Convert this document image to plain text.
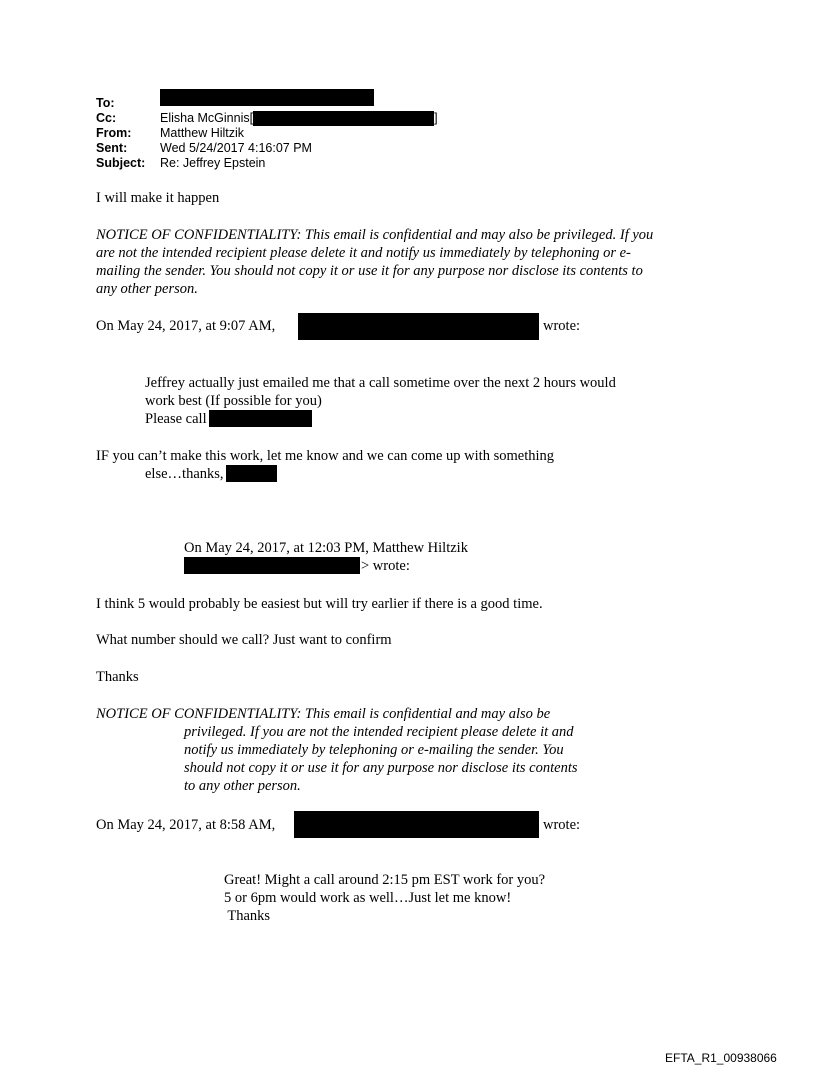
To:
Cc:	Elisha McGinnis[	]
From: Matthew Hiltzik
Sent:	Wed 5/24/2017 4:16:07 PM
Subject: Re: Jeffrey Epstein
I will make it happen
NOTICE OF CONFIDENTIALITY: This email is confidential and may also be privileged. If you
are not the intended recipient please delete it and notify us immediately by telephoning or e-
mailing the sender. You should not copy it or use it for any purpose nor disclose its contents to
any other person.
On May 24, 2017, at 9:07 AM,	wrote:
Jeffrey actually just emailed me that a call sometime over the next 2 hours would
work best (If possible for you)
Please call
IF you can’t make this work, let me know and we can come up with something
else…thanks,
On May 24, 2017, at 12:03 PM, Matthew Hiltzik
> wrote:
I think 5 would probably be easiest but will try earlier if there is a good time.
What number should we call? Just want to confirm
Thanks
NOTICE OF CONFIDENTIALITY: This email is confidential and may also be
privileged. If you are not the intended recipient please delete it and
notify us immediately by telephoning or e-mailing the sender. You
should not copy it or use it for any purpose nor disclose its contents
to any other person.
On May 24, 2017, at 8:58 AM,	wrote:
Great! Might a call around 2:15 pm EST work for you?
5 or 6pm would work as well…Just let me know!
Thanks
EFTA_R1_00938066
